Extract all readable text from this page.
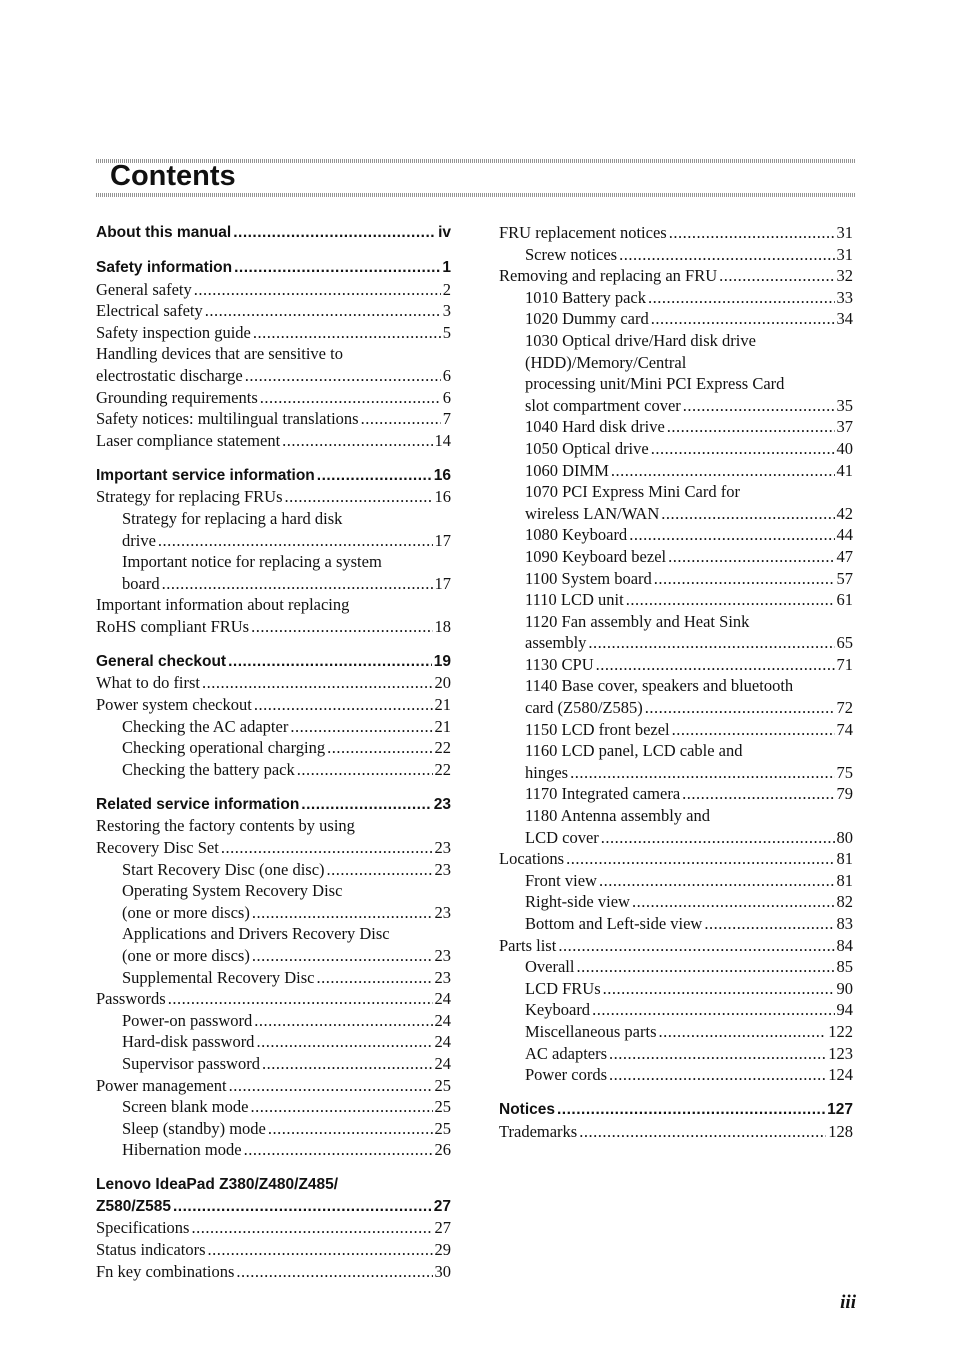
Contents
About this manual .....	iv
Safety information .....	1
General safety .....	2
Electrical safety .....	3
Safety inspection guide .....	5
Handling devices that are sensitive to
electrostatic discharge .....	6
Grounding requirements .....	6
Safety notices: multilingual translations .....	7
Laser compliance statement .....	14
Important service information .....	16
Strategy for replacing FRUs .....	16
Strategy for replacing a hard disk
drive .....	17
Important notice for replacing a system
board .....	17
Important information about replacing
RoHS compliant FRUs .....	18
General checkout .....	19
What to do first .....	20
Power system checkout .....	21
Checking the AC adapter .....	21
Checking operational charging .....	22
Checking the battery pack .....	22
Related service information .....	23
Restoring the factory contents by using
Recovery Disc Set .....	23
Start Recovery Disc (one disc) .....	23
Operating System Recovery Disc
(one or more discs) .....	23
Applications and Drivers Recovery Disc
(one or more discs) .....	23
Supplemental Recovery Disc .....	23
Passwords .....	24
Power-on password .....	24
Hard-disk password .....	24
Supervisor password .....	24
Power management .....	25
Screen blank mode .....	25
Sleep (standby) mode .....	25
Hibernation mode .....	26
Lenovo IdeaPad Z380/Z480/Z485/
Z580/Z585 .....	27
Specifications .....	27
Status indicators .....	29
Fn key combinations .....	30
FRU replacement notices .....	31
Screw notices .....	31
Removing and replacing an FRU .....	32
1010 Battery pack .....	33
1020 Dummy card .....	34
1030 Optical drive/Hard disk drive
(HDD)/Memory/Central
processing unit/Mini PCI Express Card
slot compartment cover .....	35
1040 Hard disk drive .....	37
1050 Optical drive .....	40
1060 DIMM .....	41
1070 PCI Express Mini Card for
wireless LAN/WAN .....	42
1080 Keyboard .....	44
1090 Keyboard bezel .....	47
1100 System board .....	57
1110 LCD unit .....	61
1120 Fan assembly and Heat Sink
assembly .....	65
1130 CPU .....	71
1140 Base cover, speakers and bluetooth
card (Z580/Z585) .....	72
1150 LCD front bezel .....	74
1160 LCD panel, LCD cable and
hinges .....	75
1170 Integrated camera .....	79
1180 Antenna assembly and
LCD cover .....	80
Locations .....	81
Front view .....	81
Right-side view .....	82
Bottom and Left-side view .....	83
Parts list .....	84
Overall .....	85
LCD FRUs .....	90
Keyboard .....	94
Miscellaneous parts .....	122
AC adapters .....	123
Power cords .....	124
Notices .....	127
Trademarks .....	128
iii
